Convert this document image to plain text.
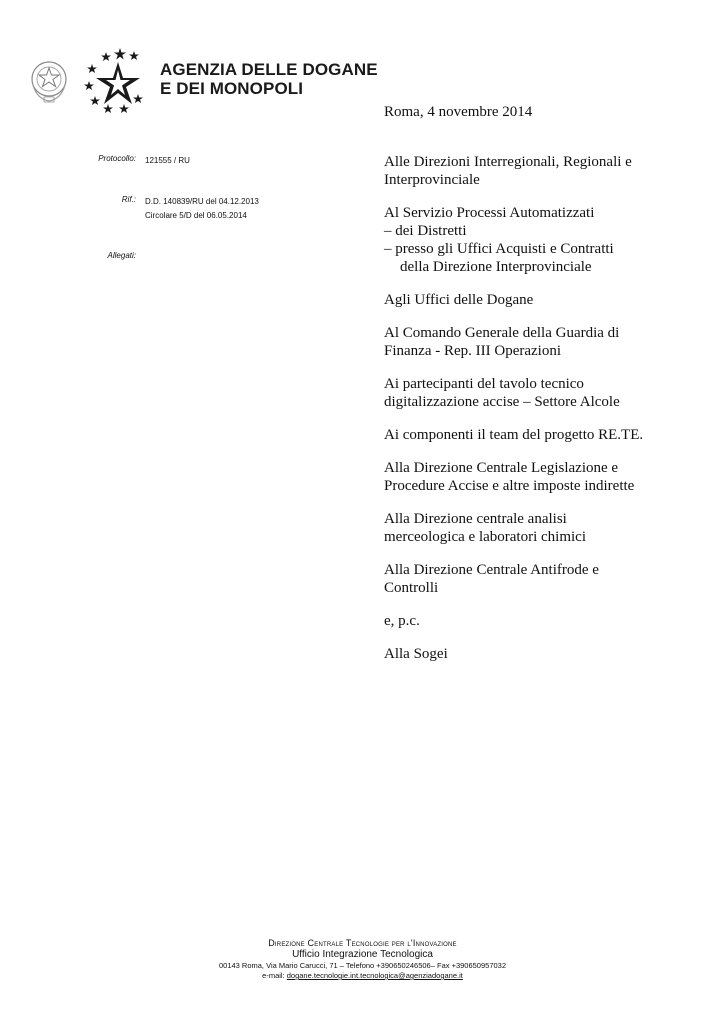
AGENZIA DELLE DOGANE
E DEI MONOPOLI
Roma, 4 novembre 2014
Protocollo: 121555 / RU
Rif.: D.D. 140839/RU del 04.12.2013
Circolare 5/D del 06.05.2014
Allegati:
Alle Direzioni Interregionali, Regionali e
Interprovinciale
Al Servizio Processi Automatizzati
– dei Distretti
– presso gli Uffici Acquisti e Contratti
della Direzione Interprovinciale
Agli Uffici delle Dogane
Al Comando Generale della Guardia di
Finanza - Rep. III Operazioni
Ai partecipanti del tavolo tecnico
digitalizzazione accise – Settore Alcole
Ai componenti il team del progetto RE.TE.
Alla Direzione Centrale Legislazione e
Procedure Accise e altre imposte indirette
Alla Direzione centrale analisi
merceologica e laboratori chimici
Alla Direzione Centrale Antifrode e
Controlli
e, p.c.
Alla Sogei
Direzione Centrale Tecnologie per l'Innovazione
Ufficio Integrazione Tecnologica
00143 Roma, Via Mario Carucci, 71 – Telefono +390650246506– Fax +390650957032
e-mail: dogane.tecnologie.int.tecnologica@agenziadogane.it
